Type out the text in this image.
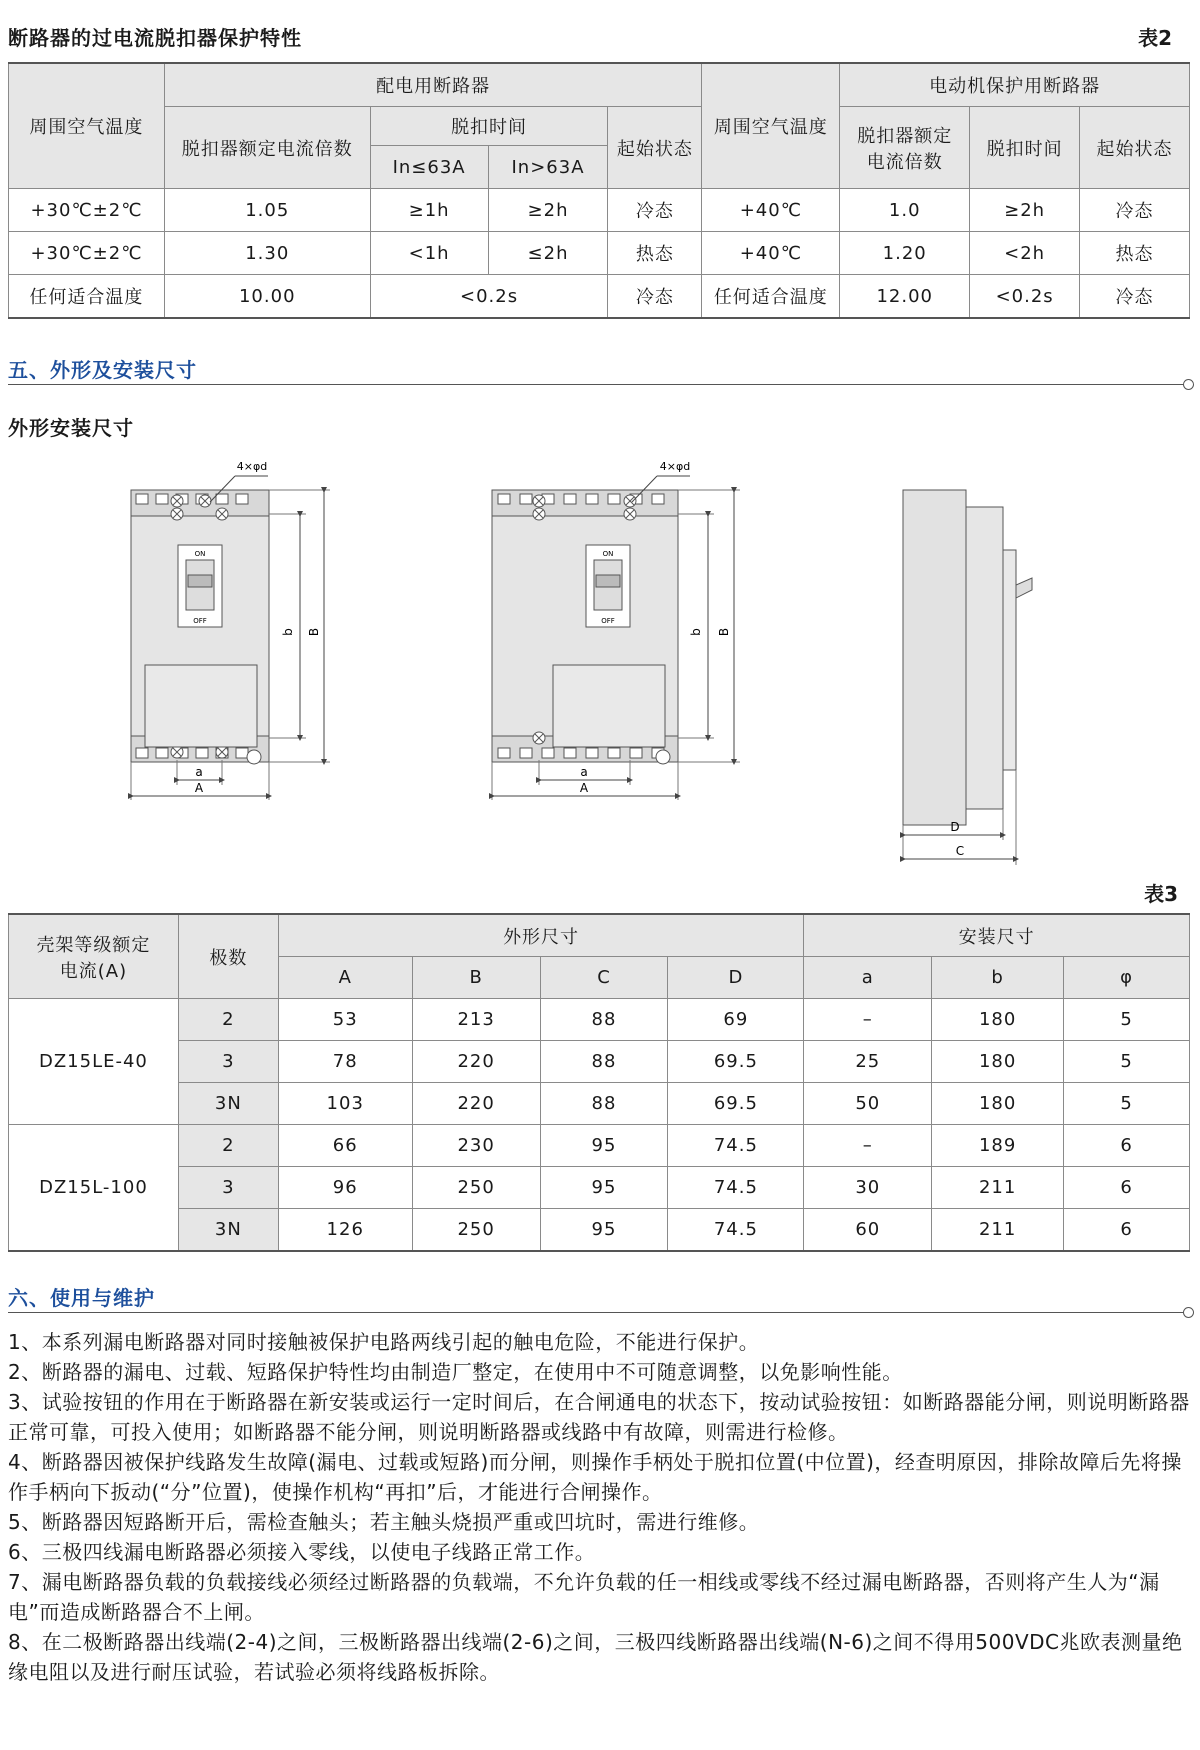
断路器的过电流脱扣器保护特性	表2
周围空气温度	配电用断路器				周围空气温度	电动机保护用断路器		
	脱扣器额定电流倍数	脱扣时间		起始状态		脱扣器额定电流倍数	脱扣时间	起始状态
		In≤63A	In>63A					
+30℃±2℃	1.05	≥1h	≥2h	冷态	+40℃	1.0	≥2h	冷态
+30℃±2℃	1.30	<1h	≤2h	热态	+40℃	1.20	<2h	热态
任何适合温度	10.00	<0.2s		冷态	任何适合温度	12.00	<0.2s	冷态
五、外形及安装尺寸
外形安装尺寸
ON
OFF
a
A
b B
4×φd
ON
OFF
a
A
b B
4×φd
D
C
表3
壳架等级额定电流(A)	极数	外形尺寸				安装尺寸		
		A	B	C	D	a	b	φ
DZ15LE-40	2	53	213	88	69	–	180	5
	3	78	220	88	69.5	25	180	5
	3N	103	220	88	69.5	50	180	5
DZ15L-100	2	66	230	95	74.5	–	189	6
	3	96	250	95	74.5	30	211	6
	3N	126	250	95	74.5	60	211	6
六、使用与维护

1、本系列漏电断路器对同时接触被保护电路两线引起的触电危险，不能进行保护。

2、断路器的漏电、过载、短路保护特性均由制造厂整定，在使用中不可随意调整，以免影响性能。

3、试验按钮的作用在于断路器在新安装或运行一定时间后，在合闸通电的状态下，按动试验按钮：如断路器能分闸，则说明断路器正常可靠，可投入使用；如断路器不能分闸，则说明断路器或线路中有故障，则需进行检修。

4、断路器因被保护线路发生故障(漏电、过载或短路)而分闸，则操作手柄处于脱扣位置(中位置)，经查明原因，排除故障后先将操作手柄向下扳动(“分”位置)，使操作机构“再扣”后，才能进行合闸操作。

5、断路器因短路断开后，需检查触头；若主触头烧损严重或凹坑时，需进行维修。

6、三极四线漏电断路器必须接入零线，以使电子线路正常工作。

7、漏电断路器负载的负载接线必须经过断路器的负载端，不允许负载的任一相线或零线不经过漏电断路器，否则将产生人为“漏电”而造成断路器合不上闸。

8、在二极断路器出线端(2-4)之间，三极断路器出线端(2-6)之间，三极四线断路器出线端(N-6)之间不得用500VDC兆欧表测量绝缘电阻以及进行耐压试验，若试验必须将线路板拆除。
